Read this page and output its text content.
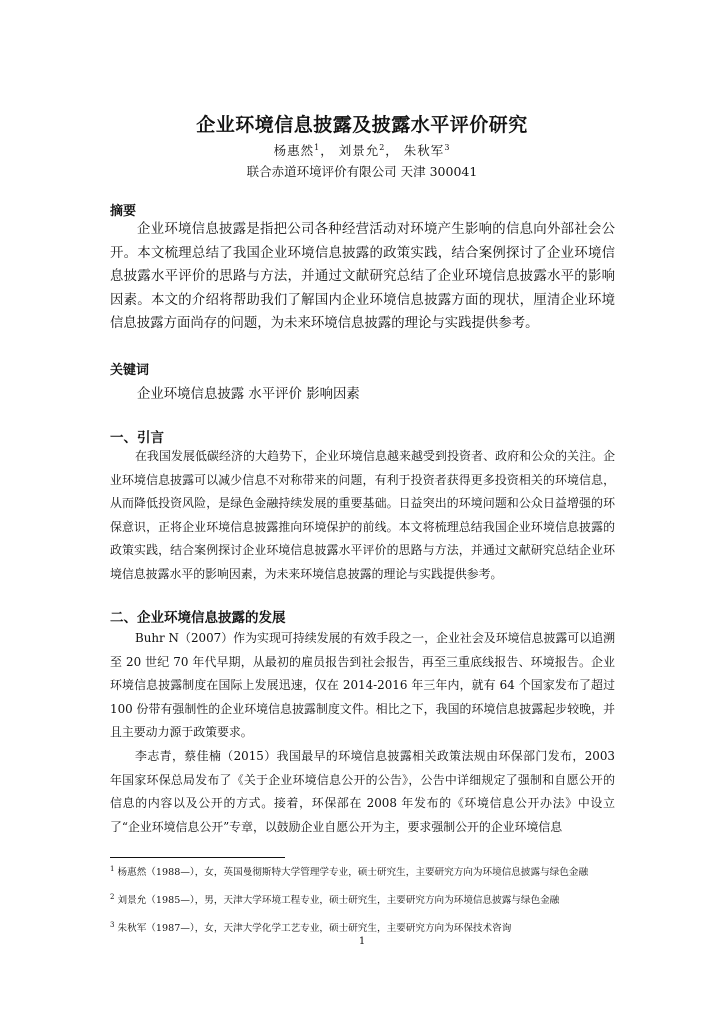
企业环境信息披露及披露水平评价研究
杨惠然$^1$， 刘景允$^2$， 朱秋军$^3$
联合赤道环境评价有限公司 天津 300041
摘要

企业环境信息披露是指把公司各种经营活动对环境产生影响的信息向外部社会公开。本文梳理总结了我国企业环境信息披露的政策实践，结合案例探讨了企业环境信息披露水平评价的思路与方法，并通过文献研究总结了企业环境信息披露水平的影响因素。本文的介绍将帮助我们了解国内企业环境信息披露方面的现状，厘清企业环境信息披露方面尚存的问题，为未来环境信息披露的理论与实践提供参考。

关键词
企业环境信息披露 水平评价 影响因素
一、引言

在我国发展低碳经济的大趋势下，企业环境信息越来越受到投资者、政府和公众的关注。企业环境信息披露可以减少信息不对称带来的问题，有利于投资者获得更多投资相关的环境信息，从而降低投资风险，是绿色金融持续发展的重要基础。日益突出的环境问题和公众日益增强的环保意识，正将企业环境信息披露推向环境保护的前线。本文将梳理总结我国企业环境信息披露的政策实践，结合案例探讨企业环境信息披露水平评价的思路与方法，并通过文献研究总结企业环境信息披露水平的影响因素，为未来环境信息披露的理论与实践提供参考。

二、企业环境信息披露的发展

Buhr N（2007）作为实现可持续发展的有效手段之一，企业社会及环境信息披露可以追溯至 20 世纪 70 年代早期，从最初的雇员报告到社会报告，再至三重底线报告、环境报告。企业环境信息披露制度在国际上发展迅速，仅在 2014-2016 年三年内，就有 64 个国家发布了超过 100 份带有强制性的企业环境信息披露制度文件。相比之下，我国的环境信息披露起步较晚，并且主要动力源于政策要求。

李志青，蔡佳楠（2015）我国最早的环境信息披露相关政策法规由环保部门发布，2003 年国家环保总局发布了《关于企业环境信息公开的公告》，公告中详细规定了强制和自愿公开的信息的内容以及公开的方式。接着，环保部在 2008 年发布的《环境信息公开办法》中设立了“企业环境信息公开”专章，以鼓励企业自愿公开为主，要求强制公开的企业环境信息

$^1$ 杨惠然（1988—），女，英国曼彻斯特大学管理学专业，硕士研究生，主要研究方向为环境信息披露与绿色金融
$^2$ 刘景允（1985—），男，天津大学环境工程专业，硕士研究生，主要研究方向为环境信息披露与绿色金融
$^3$ 朱秋军（1987—），女，天津大学化学工艺专业，硕士研究生，主要研究方向为环保技术咨询
1
